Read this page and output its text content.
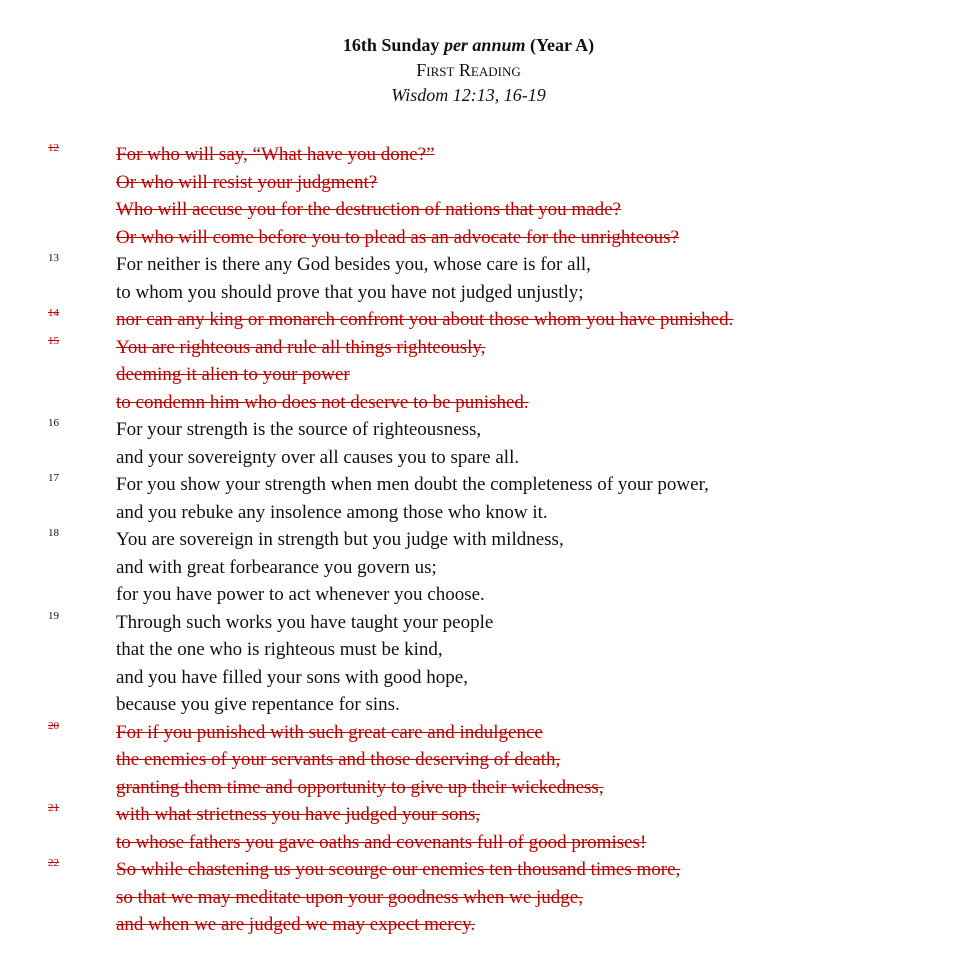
16th Sunday per annum (Year A)
First Reading
Wisdom 12:13, 16-19
12	For who will say, “What have you done?”
Or who will resist your judgment?
Who will accuse you for the destruction of nations that you made?
Or who will come before you to plead as an advocate for the unrighteous?
13	For neither is there any God besides you, whose care is for all,
to whom you should prove that you have not judged unjustly;
14	nor can any king or monarch confront you about those whom you have punished.
15	You are righteous and rule all things righteously,
deeming it alien to your power
to condemn him who does not deserve to be punished.
16	For your strength is the source of righteousness,
and your sovereignty over all causes you to spare all.
17	For you show your strength when men doubt the completeness of your power,
and you rebuke any insolence among those who know it.
18	You are sovereign in strength but you judge with mildness,
and with great forbearance you govern us;
for you have power to act whenever you choose.
19	Through such works you have taught your people
that the one who is righteous must be kind,
and you have filled your sons with good hope,
because you give repentance for sins.
20	For if you punished with such great care and indulgence
the enemies of your servants and those deserving of death,
granting them time and opportunity to give up their wickedness,
21	with what strictness you have judged your sons,
to whose fathers you gave oaths and covenants full of good promises!
22	So while chastening us you scourge our enemies ten thousand times more,
so that we may meditate upon your goodness when we judge,
and when we are judged we may expect mercy.
